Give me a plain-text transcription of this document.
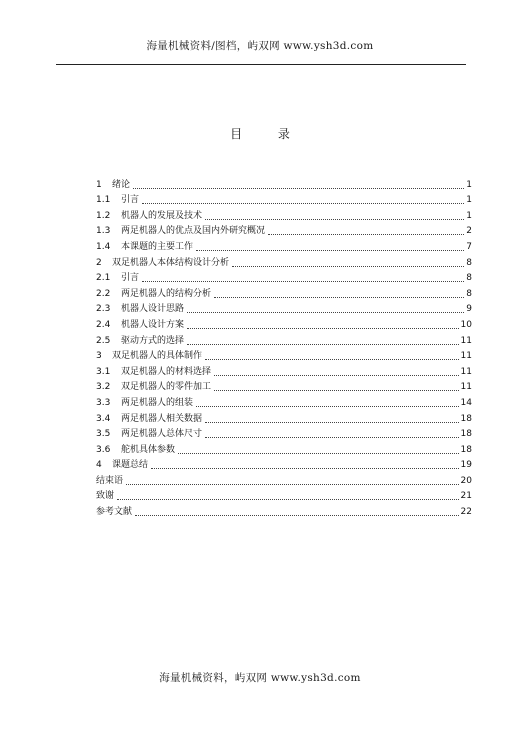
海量机械资料/图档，屿双网 www.ysh3d.com
目 录
1	绪论	1
1.1	引言	1
1.2	机器人的发展及技术	1
1.3	两足机器人的优点及国内外研究概况	2
1.4	本课题的主要工作	7
2	双足机器人本体结构设计分析	8
2.1	引言	8
2.2	两足机器人的结构分析	8
2.3	机器人设计思路	9
2.4	机器人设计方案	10
2.5	驱动方式的选择	11
3	双足机器人的具体制作	11
3.1	双足机器人的材料选择	11
3.2	双足机器人的零件加工	11
3.3	两足机器人的组装	14
3.4	两足机器人相关数据	18
3.5	两足机器人总体尺寸	18
3.6	舵机具体参数	18
4	课题总结	19
结束语	20
致谢	21
参考文献	22
海量机械资料，屿双网 www.ysh3d.com
